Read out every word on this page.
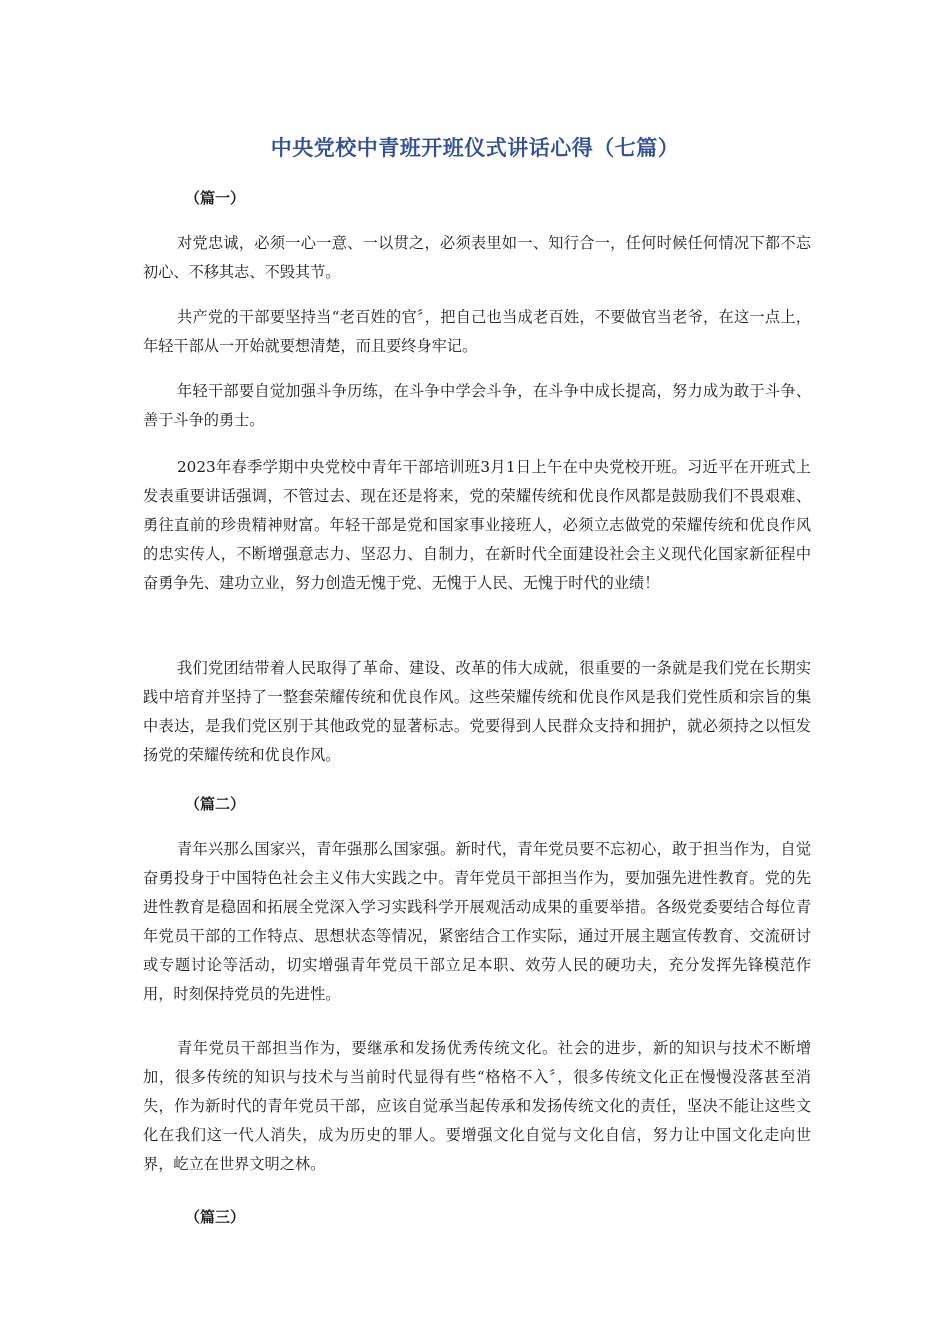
中央党校中青班开班仪式讲话心得（七篇）
（篇一）

对党忠诚，必须一心一意、一以贯之，必须表里如一、知行合一，任何时候任何情况下都不忘初心、不移其志、不毁其节。

共产党的干部要坚持当“老百姓的官〞，把自己也当成老百姓，不要做官当老爷，在这一点上，年轻干部从一开始就要想清楚，而且要终身牢记。

年轻干部要自觉加强斗争历练，在斗争中学会斗争，在斗争中成长提高，努力成为敢于斗争、善于斗争的勇士。

2023年春季学期中央党校中青年干部培训班3月1日上午在中央党校开班。习近平在开班式上发表重要讲话强调，不管过去、现在还是将来，党的荣耀传统和优良作风都是鼓励我们不畏艰难、勇往直前的珍贵精神财富。年轻干部是党和国家事业接班人，必须立志做党的荣耀传统和优良作风的忠实传人，不断增强意志力、坚忍力、自制力，在新时代全面建设社会主义现代化国家新征程中奋勇争先、建功立业，努力创造无愧于党、无愧于人民、无愧于时代的业绩！

我们党团结带着人民取得了革命、建设、改革的伟大成就，很重要的一条就是我们党在长期实践中培育并坚持了一整套荣耀传统和优良作风。这些荣耀传统和优良作风是我们党性质和宗旨的集中表达，是我们党区别于其他政党的显著标志。党要得到人民群众支持和拥护，就必须持之以恒发扬党的荣耀传统和优良作风。

（篇二）

青年兴那么国家兴，青年强那么国家强。新时代，青年党员要不忘初心，敢于担当作为，自觉奋勇投身于中国特色社会主义伟大实践之中。青年党员干部担当作为，要加强先进性教育。党的先进性教育是稳固和拓展全党深入学习实践科学开展观活动成果的重要举措。各级党委要结合每位青年党员干部的工作特点、思想状态等情况，紧密结合工作实际，通过开展主题宣传教育、交流研讨或专题讨论等活动，切实增强青年党员干部立足本职、效劳人民的硬功夫，充分发挥先锋模范作用，时刻保持党员的先进性。

青年党员干部担当作为，要继承和发扬优秀传统文化。社会的进步，新的知识与技术不断增加，很多传统的知识与技术与当前时代显得有些“格格不入〞，很多传统文化正在慢慢没落甚至消失，作为新时代的青年党员干部，应该自觉承当起传承和发扬传统文化的责任，坚决不能让这些文化在我们这一代人消失，成为历史的罪人。要增强文化自觉与文化自信，努力让中国文化走向世界，屹立在世界文明之林。

（篇三）
